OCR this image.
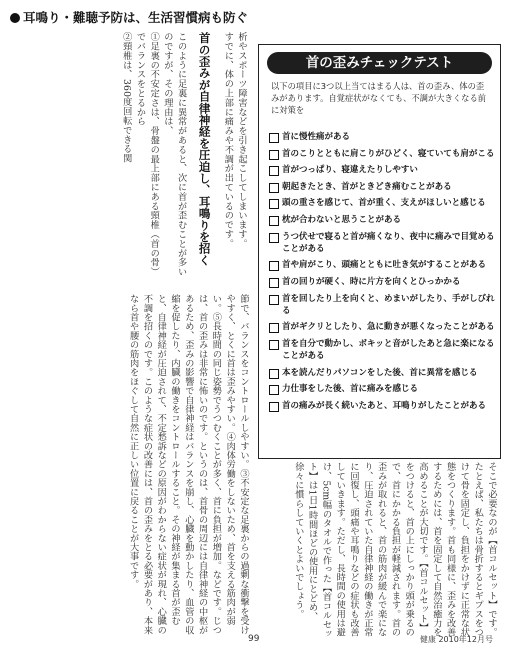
耳鳴り・難聴予防は、生活習慣病も防ぐ
析やスポーツ障害などを引き起こしてしまいます。
すでに、体の上部に痛みや不調が出ているのです。
首の歪みが自律神経を圧迫し、耳鳴りを招く
このように足裏に異常があると、次に首が歪むことが多いのですが、その理由は、
①足裏の不安定さは、骨盤の最上部にある頸椎（首の骨）でバランスをとるから
②頸椎は、360度回転できる関
節で、バランスをコントロールしやすい。③不安定な足裏からの過剰な衝撃を受けやすく、とくに首は歪みやすい。④肉体労働をしないため、首を支える筋肉が弱い。⑤長時間の同じ姿勢でうつむくことが多く、首に負担が増加。などです。じつは、首の歪みは非常に怖いのです。というのは、首骨の周辺には自律神経の中枢があるため、歪みの影響で自律神経はバランスを崩し、心臓を動かしたり、血管の収縮を促したり、内臓の働きをコントロールすること。その神経が集まる首が歪むと、自律神経が圧迫されて、不定愁訴などの原因がわからない症状が現れ、心臓の不調を招くのです。このような症状の改善には、首の歪みをとる必要があり、本来なら首や腰の筋肉をほぐして自然に正しい位置に戻ることが大事です。
首の歪みチェックテスト
以下の項目に3つ以上当てはまる人は、首の歪み、体の歪みがあります。自覚症状がなくても、不調が大きくなる前に対策を
首に慢性痛がある
首のこりとともに肩こりがひどく、寝ていても肩がこる
首がつっぱり、寝違えたりしやすい
朝起きたとき、首がときどき痛むことがある
頭の重さを感じて、首が重く、支えがほしいと感じる
枕が合わないと思うことがある
うつ伏せで寝ると首が痛くなり、夜中に痛みで目覚めることがある
首や肩がこり、頭痛とともに吐き気がすることがある
首の回りが硬く、時に片方を向くとひっかかる
首を回したり上を向くと、めまいがしたり、手がしびれる
首がギクリとしたり、急に動きが悪くなったことがある
首を自分で動かし、ボキッと音がしたあと急に楽になることがある
本を読んだりパソコンをした後、首に異常を感じる
力仕事をした後、首に痛みを感じる
首の痛みが長く続いたあと、耳鳴りがしたことがある
そこで必要なのが【首コルセット】です。たとえば、私たちは骨折するとギプスをつけて骨を固定し、負担をかけずに正常な状態をつくります。首も同様に、歪みを改善するためには、首を固定して自然治癒力を高めることが大切です。【首コルセット】をつけると、首の上にしっかり頭が乗るので、首にかかる負担が軽減されます。首の歪みが取れると、首の筋肉が緩んで楽になり、圧迫されていた自律神経の働きが正常に回復し、頭痛や耳鳴りなどの症状も改善していきます。ただし、長時間の使用は避け、5cm幅のタオルで作った【首コルセット】は1日1時間ほどの使用にとどめ、徐々に慣らしていくとよいでしょう。
99	健康 2010年12月号
